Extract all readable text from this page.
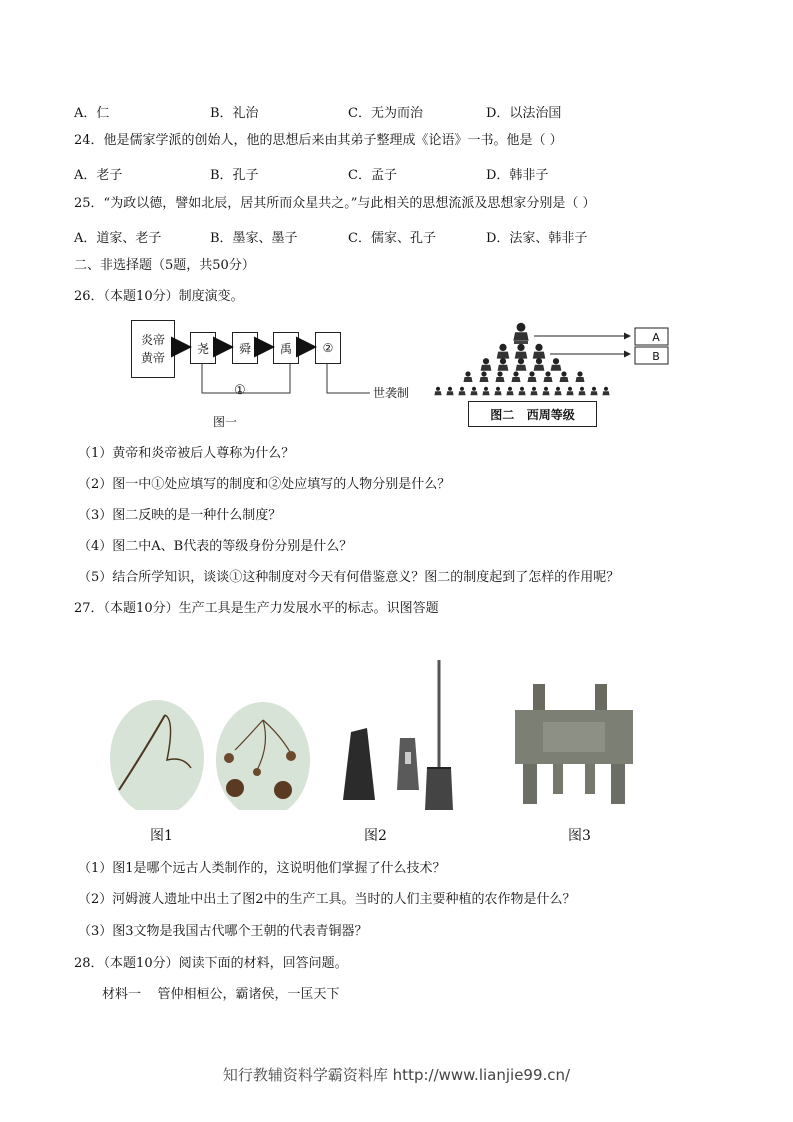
A．仁	B．礼治	C．无为而治	D．以法治国
24．他是儒家学派的创始人，他的思想后来由其弟子整理成《论语》一书。他是（ ）
A．老子	B．孔子	C．孟子	D．韩非子
25．“为政以德，譬如北辰，居其所而众星共之。”与此相关的思想流派及思想家分别是（ ）
A．道家、老子	B．墨家、墨子	C．儒家、孔子	D．法家、韩非子
二、非选择题（5题，共50分）
26．（本题10分）制度演变。
炎帝
黄帝
尧	舜	禹	②
①	世袭制
图一
A
B
图二   西周等级
（1）黄帝和炎帝被后人尊称为什么？
（2）图一中①处应填写的制度和②处应填写的人物分别是什么？
（3）图二反映的是一种什么制度？
（4）图二中A、B代表的等级身份分别是什么？
（5）结合所学知识，谈谈①这种制度对今天有何借鉴意义？图二的制度起到了怎样的作用呢？
27．（本题10分）生产工具是生产力发展水平的标志。识图答题
图1	图2	图3
（1）图1是哪个远古人类制作的，这说明他们掌握了什么技术？
（2）河姆渡人遗址中出土了图2中的生产工具。当时的人们主要种植的农作物是什么？
（3）图3文物是我国古代哪个王朝的代表青铜器？
28．（本题10分）阅读下面的材料，回答问题。
材料一    管仲相桓公，霸诸侯，一匡天下
知行教辅资料学霸资料库 http://www.lianjie99.cn/
